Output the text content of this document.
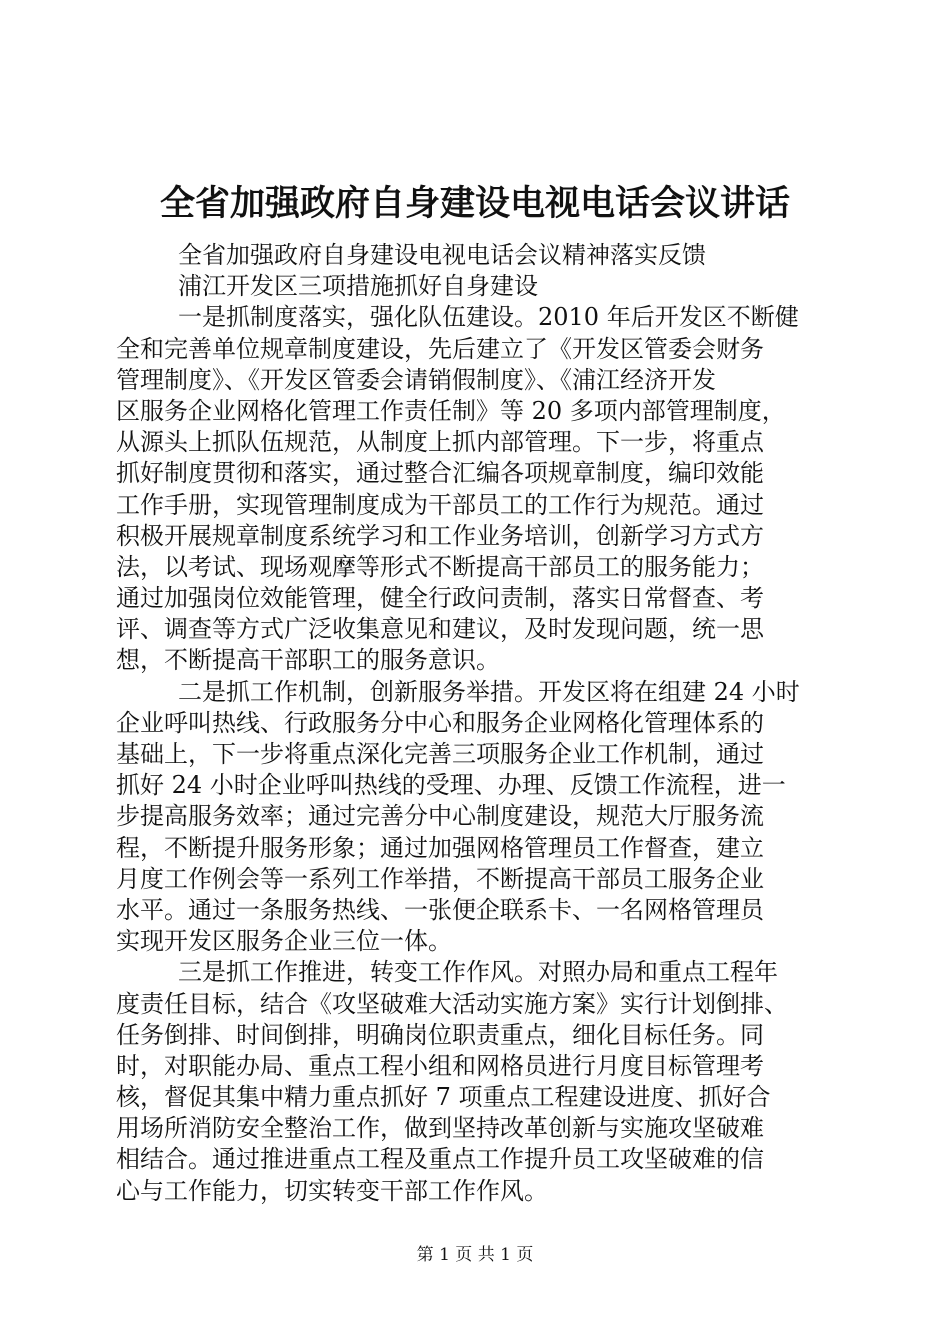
全省加强政府自身建设电视电话会议讲话
全省加强政府自身建设电视电话会议精神落实反馈
浦江开发区三项措施抓好自身建设
一是抓制度落实，强化队伍建设。2010 年后开发区不断健
全和完善单位规章制度建设，先后建立了《开发区管委会财务
管理制度》、《开发区管委会请销假制度》、《浦江经济开发
区服务企业网格化管理工作责任制》等 20 多项内部管理制度，
从源头上抓队伍规范，从制度上抓内部管理。下一步，将重点
抓好制度贯彻和落实，通过整合汇编各项规章制度，编印效能
工作手册，实现管理制度成为干部员工的工作行为规范。通过
积极开展规章制度系统学习和工作业务培训，创新学习方式方
法，以考试、现场观摩等形式不断提高干部员工的服务能力；
通过加强岗位效能管理，健全行政问责制，落实日常督查、考
评、调查等方式广泛收集意见和建议，及时发现问题，统一思
想，不断提高干部职工的服务意识。
二是抓工作机制，创新服务举措。开发区将在组建 24 小时
企业呼叫热线、行政服务分中心和服务企业网格化管理体系的
基础上，下一步将重点深化完善三项服务企业工作机制，通过
抓好 24 小时企业呼叫热线的受理、办理、反馈工作流程，进一
步提高服务效率；通过完善分中心制度建设，规范大厅服务流
程，不断提升服务形象；通过加强网格管理员工作督查，建立
月度工作例会等一系列工作举措，不断提高干部员工服务企业
水平。通过一条服务热线、一张便企联系卡、一名网格管理员
实现开发区服务企业三位一体。
三是抓工作推进，转变工作作风。对照办局和重点工程年
度责任目标，结合《攻坚破难大活动实施方案》实行计划倒排、
任务倒排、时间倒排，明确岗位职责重点，细化目标任务。同
时，对职能办局、重点工程小组和网格员进行月度目标管理考
核，督促其集中精力重点抓好 7 项重点工程建设进度、抓好合
用场所消防安全整治工作，做到坚持改革创新与实施攻坚破难
相结合。通过推进重点工程及重点工作提升员工攻坚破难的信
心与工作能力，切实转变干部工作作风。
第 1 页 共 1 页
